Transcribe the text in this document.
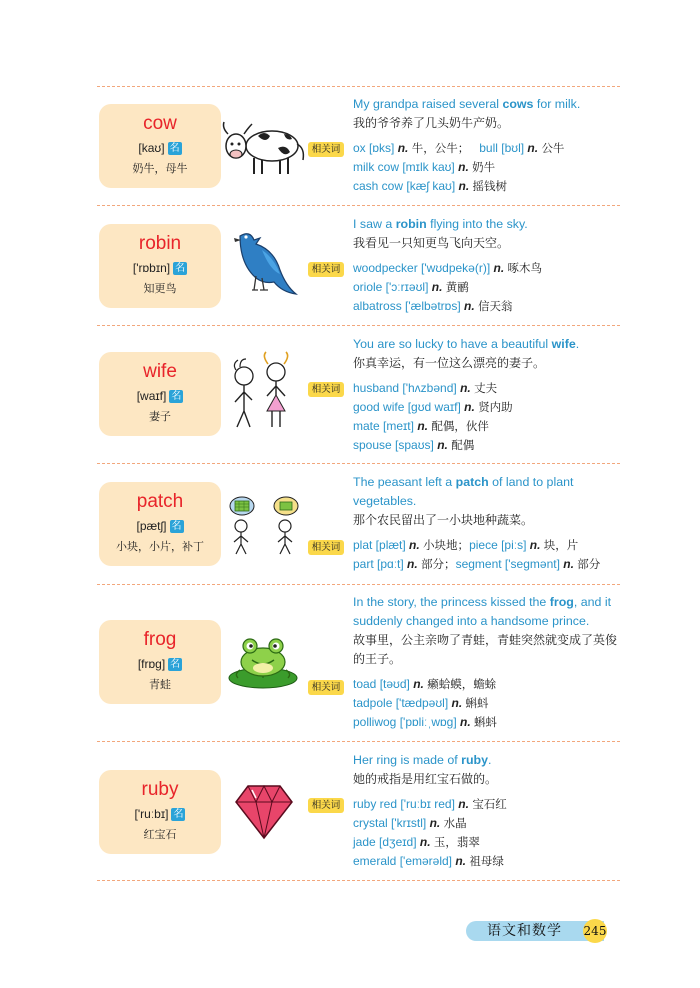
cow
[kaʊ] 名
奶牛，母牛
相关词
My grandpa raised several cows for milk.
我的爷爷养了几头奶牛产奶。
ox [ɒks] n. 牛，公牛； bull [bʊl] n. 公牛
milk cow [mɪlk kaʊ] n. 奶牛
cash cow [kæʃ kaʊ] n. 摇钱树
robin
['rɒbɪn] 名
知更鸟
相关词
I saw a robin flying into the sky.
我看见一只知更鸟飞向天空。
woodpecker ['wʊdpekə(r)] n. 啄木鸟
oriole ['ɔːrɪəʊl] n. 黄鹂
albatross ['ælbətrɒs] n. 信天翁
wife
[waɪf] 名
妻子
相关词
You are so lucky to have a beautiful wife.
你真幸运，有一位这么漂亮的妻子。
husband ['hʌzbənd] n. 丈夫
good wife [gʊd waɪf] n. 贤内助
mate [meɪt] n. 配偶，伙伴
spouse [spaʊs] n. 配偶
patch
[pætʃ] 名
小块，小片，补丁	相关词
The peasant left a patch of land to plant vegetables.
那个农民留出了一小块地种蔬菜。
plat [plæt] n. 小块地；piece [piːs] n. 块，片
part [pɑːt] n. 部分；segment ['segmənt] n. 部分
frog
[frɒg] 名
青蛙	相关词
In the story, the princess kissed the frog, and it suddenly changed into a handsome prince.
故事里，公主亲吻了青蛙，青蛙突然就变成了英俊的王子。
toad [təʊd] n. 癞蛤蟆，蟾蜍
tadpole ['tædpəʊl] n. 蝌蚪
polliwog ['pɒliːˌwɒg] n. 蝌蚪
ruby
['ruːbɪ] 名
红宝石
相关词
Her ring is made of ruby.
她的戒指是用红宝石做的。
ruby red ['ruːbɪ red] n. 宝石红
crystal ['krɪstl] n. 水晶
jade [dʒeɪd] n. 玉，翡翠
emerald ['emərəld] n. 祖母绿
语文和数学 245
